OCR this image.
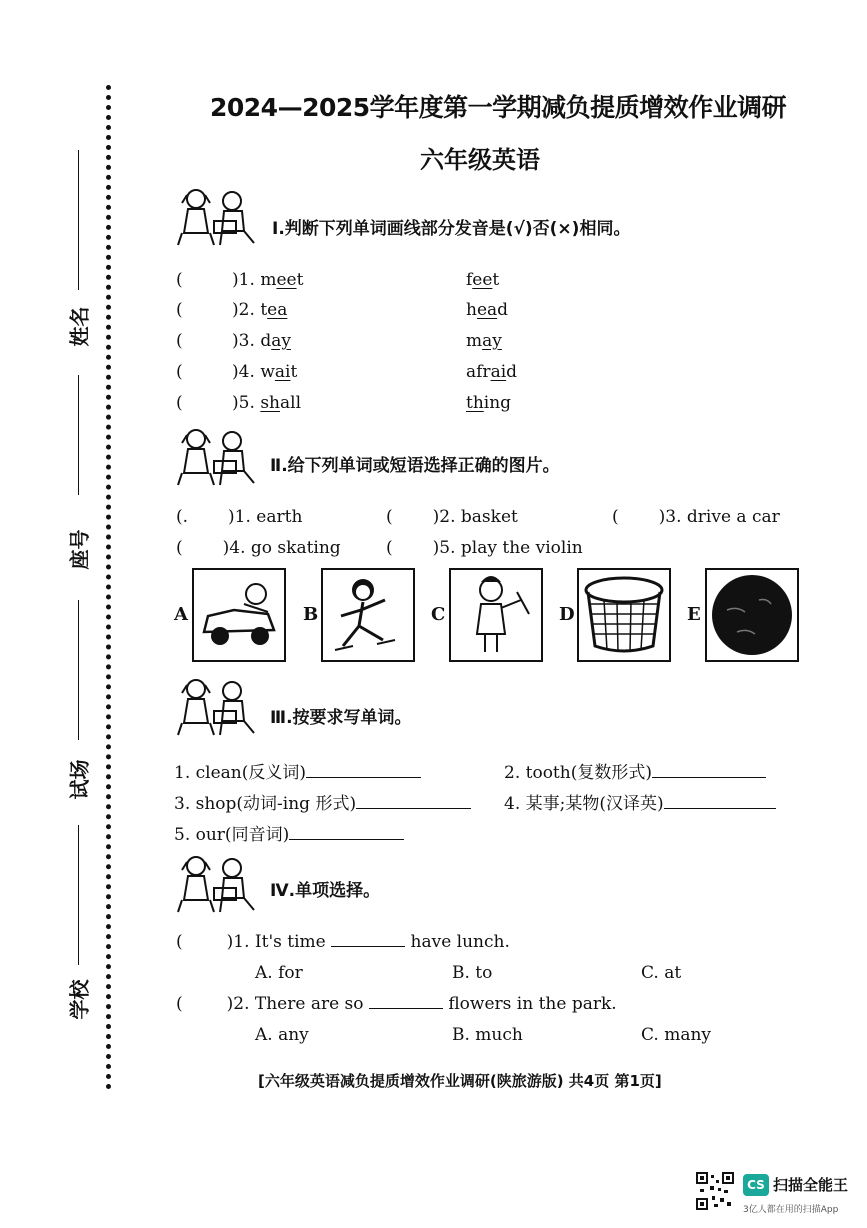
姓名
座号
试场
学校
2024—2025学年度第一学期减负提质增效作业调研
六年级英语
Ⅰ.判断下列单词画线部分发音是(√)否(×)相同。
(	)1. meet	feet
(	)2. tea	head
(	)3. day	may
(	)4. wait	afraid
(	)5. shall	thing
Ⅱ.给下列单词或短语选择正确的图片。
(. )1. earth	( )2. basket	( )3. drive a car
( )4. go skating	( )5. play the violin
A	B	C	D	E
Ⅲ.按要求写单词。
1. clean(反义词)	2. tooth(复数形式)
3. shop(动词-ing 形式)	4. 某事;某物(汉译英)
5. our(同音词)
Ⅳ.单项选择。
(	)1. It's time	have lunch.
A. for	B. to	C. at
(	)2. There are so	flowers in the park.
A. any	B. much	C. many
[六年级英语减负提质增效作业调研(陕旅游版) 共4页 第1页]
CS 扫描全能王
3亿人都在用的扫描App
